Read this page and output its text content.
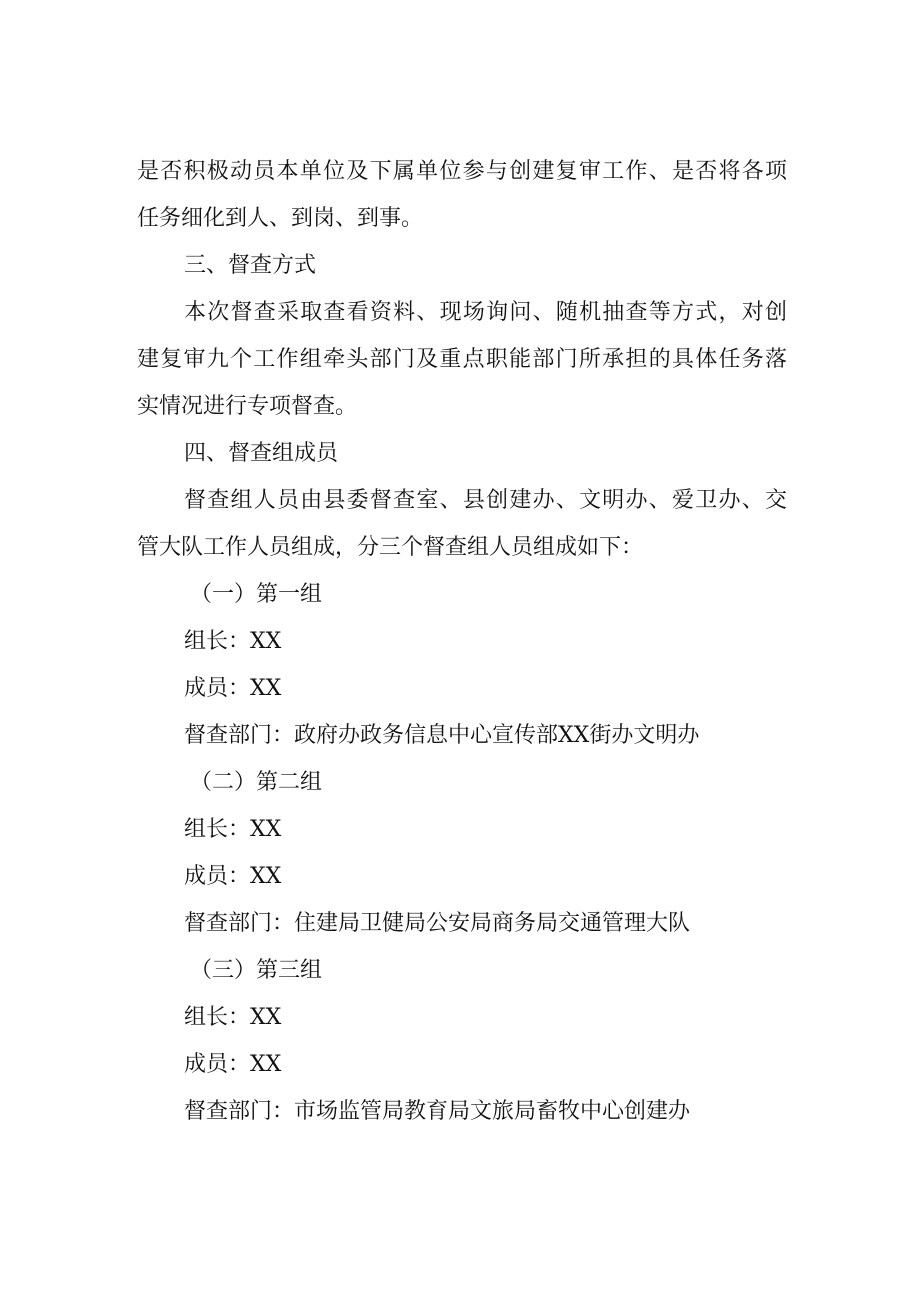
是否积极动员本单位及下属单位参与创建复审工作、是否将各项
任务细化到人、到岗、到事。
三、督查方式
本次督查采取查看资料、现场询问、随机抽查等方式，对创
建复审九个工作组牵头部门及重点职能部门所承担的具体任务落
实情况进行专项督查。
四、督查组成员
督查组人员由县委督查室、县创建办、文明办、爱卫办、交
管大队工作人员组成，分三个督查组人员组成如下：
（一）第一组
组长：XX
成员：XX
督查部门：政府办政务信息中心宣传部XX街办文明办
（二）第二组
组长：XX
成员：XX
督查部门：住建局卫健局公安局商务局交通管理大队
（三）第三组
组长：XX
成员：XX
督查部门：市场监管局教育局文旅局畜牧中心创建办
